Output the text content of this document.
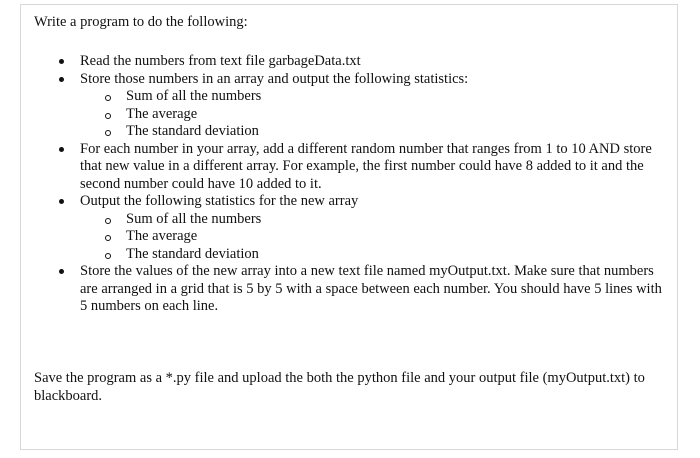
Write a program to do the following:
Read the numbers from text file garbageData.txt
Store those numbers in an array and output the following statistics:
Sum of all the numbers
The average
The standard deviation
For each number in your array, add a different random number that ranges from 1 to 10 AND store that new value in a different array. For example, the first number could have 8 added to it and the second number could have 10 added to it.
Output the following statistics for the new array
Sum of all the numbers
The average
The standard deviation
Store the values of the new array into a new text file named myOutput.txt. Make sure that numbers are arranged in a grid that is 5 by 5 with a space between each number. You should have 5 lines with 5 numbers on each line.
Save the program as a *.py file and upload the both the python file and your output file (myOutput.txt) to blackboard.
